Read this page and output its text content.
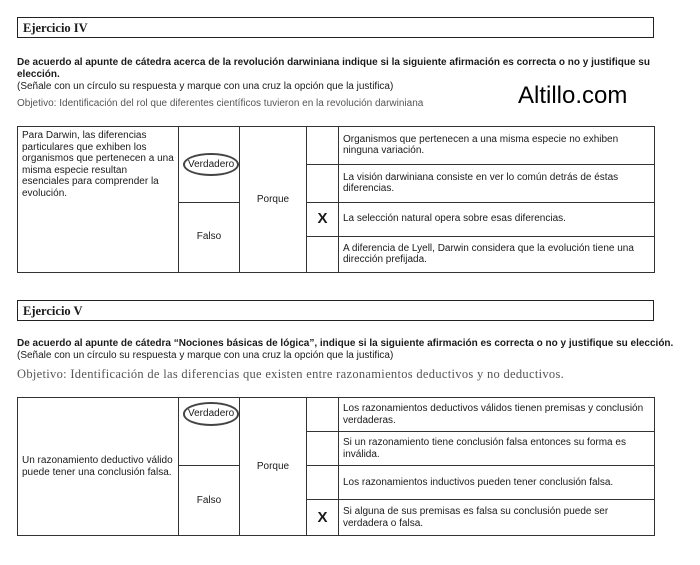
Ejercicio IV
De acuerdo al apunte de cátedra acerca de la revolución darwiniana indique si la siguiente afirmación es correcta o no y justifique su elección.
(Señale con un círculo su respuesta y marque con una cruz la opción que la justifica)
Objetivo: Identificación del rol que diferentes científicos tuvieron en la revolución darwiniana	Altillo.com
Para Darwin, las diferencias particulares que exhiben los organismos que pertenecen a una misma especie resultan esenciales para comprender la evolución.	Verdadero	Porque		Organismos que pertenecen a una misma especie no exhiben ninguna variación.
				La visión darwiniana consiste en ver lo común detrás de éstas diferencias.
	Falso		X	La selección natural opera sobre esas diferencias.
				A diferencia de Lyell, Darwin considera que la evolución tiene una dirección prefijada.
Ejercicio V
De acuerdo al apunte de cátedra “Nociones básicas de lógica”, indique si la siguiente afirmación es correcta o no y justifique su elección.
(Señale con un círculo su respuesta y marque con una cruz la opción que la justifica)
Objetivo: Identificación de las diferencias que existen entre razonamientos deductivos y no deductivos.
Un razonamiento deductivo válido puede tener una conclusión falsa.	Verdadero	Porque		Los razonamientos deductivos válidos tienen premisas y conclusión verdaderas.
				Si un razonamiento tiene conclusión falsa entonces su forma es inválida.
	Falso			Los razonamientos inductivos pueden tener conclusión falsa.
			X	Si alguna de sus premisas es falsa su conclusión puede ser verdadera o falsa.
